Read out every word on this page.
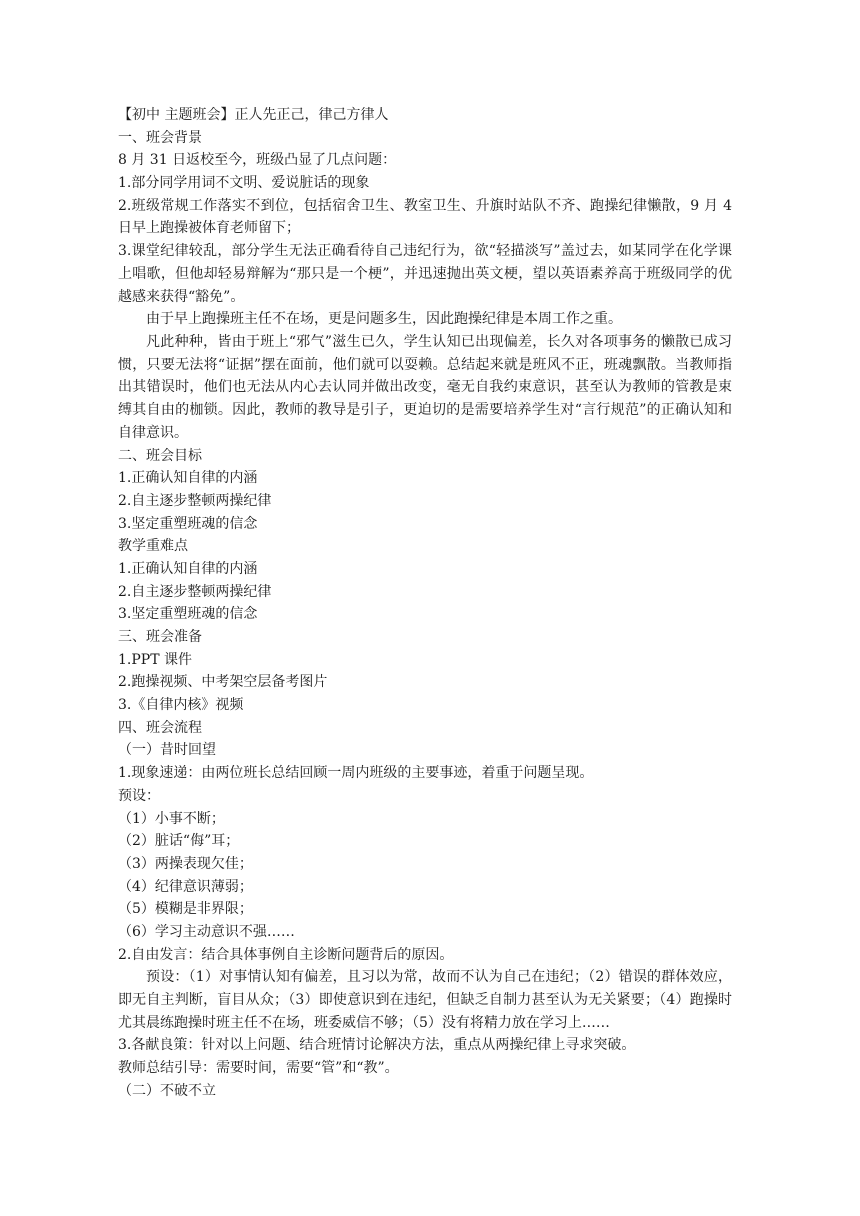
【初中 主题班会】正人先正己，律己方律人
一、班会背景
8 月 31 日返校至今，班级凸显了几点问题：
1.部分同学用词不文明、爱说脏话的现象
2.班级常规工作落实不到位，包括宿舍卫生、教室卫生、升旗时站队不齐、跑操纪律懒散，9 月 4 日早上跑操被体育老师留下；
3.课堂纪律较乱，部分学生无法正确看待自己违纪行为，欲“轻描淡写”盖过去，如某同学在化学课上唱歌，但他却轻易辩解为“那只是一个梗”，并迅速抛出英文梗，望以英语素养高于班级同学的优越感来获得“豁免”。
由于早上跑操班主任不在场，更是问题多生，因此跑操纪律是本周工作之重。
凡此种种，皆由于班上“邪气”滋生已久，学生认知已出现偏差，长久对各项事务的懒散已成习惯，只要无法将“证据”摆在面前，他们就可以耍赖。总结起来就是班风不正，班魂飘散。当教师指出其错误时，他们也无法从内心去认同并做出改变，毫无自我约束意识，甚至认为教师的管教是束缚其自由的枷锁。因此，教师的教导是引子，更迫切的是需要培养学生对“言行规范”的正确认知和自律意识。
二、班会目标
1.正确认知自律的内涵
2.自主逐步整顿两操纪律
3.坚定重塑班魂的信念
教学重难点
1.正确认知自律的内涵
2.自主逐步整顿两操纪律
3.坚定重塑班魂的信念
三、班会准备
1.PPT 课件
2.跑操视频、中考架空层备考图片
3.《自律内核》视频
四、班会流程
（一）昔时回望
1.现象速递：由两位班长总结回顾一周内班级的主要事迹，着重于问题呈现。
预设：
（1）小事不断；
（2）脏话“侮”耳；
（3）两操表现欠佳；
（4）纪律意识薄弱；
（5）模糊是非界限；
（6）学习主动意识不强……
2.自由发言：结合具体事例自主诊断问题背后的原因。
预设：（1）对事情认知有偏差，且习以为常，故而不认为自己在违纪；（2）错误的群体效应，即无自主判断，盲目从众；（3）即使意识到在违纪，但缺乏自制力甚至认为无关紧要；（4）跑操时尤其晨练跑操时班主任不在场，班委威信不够；（5）没有将精力放在学习上……
3.各献良策：针对以上问题、结合班情讨论解决方法，重点从两操纪律上寻求突破。
教师总结引导：需要时间，需要“管”和“教”。
（二）不破不立
